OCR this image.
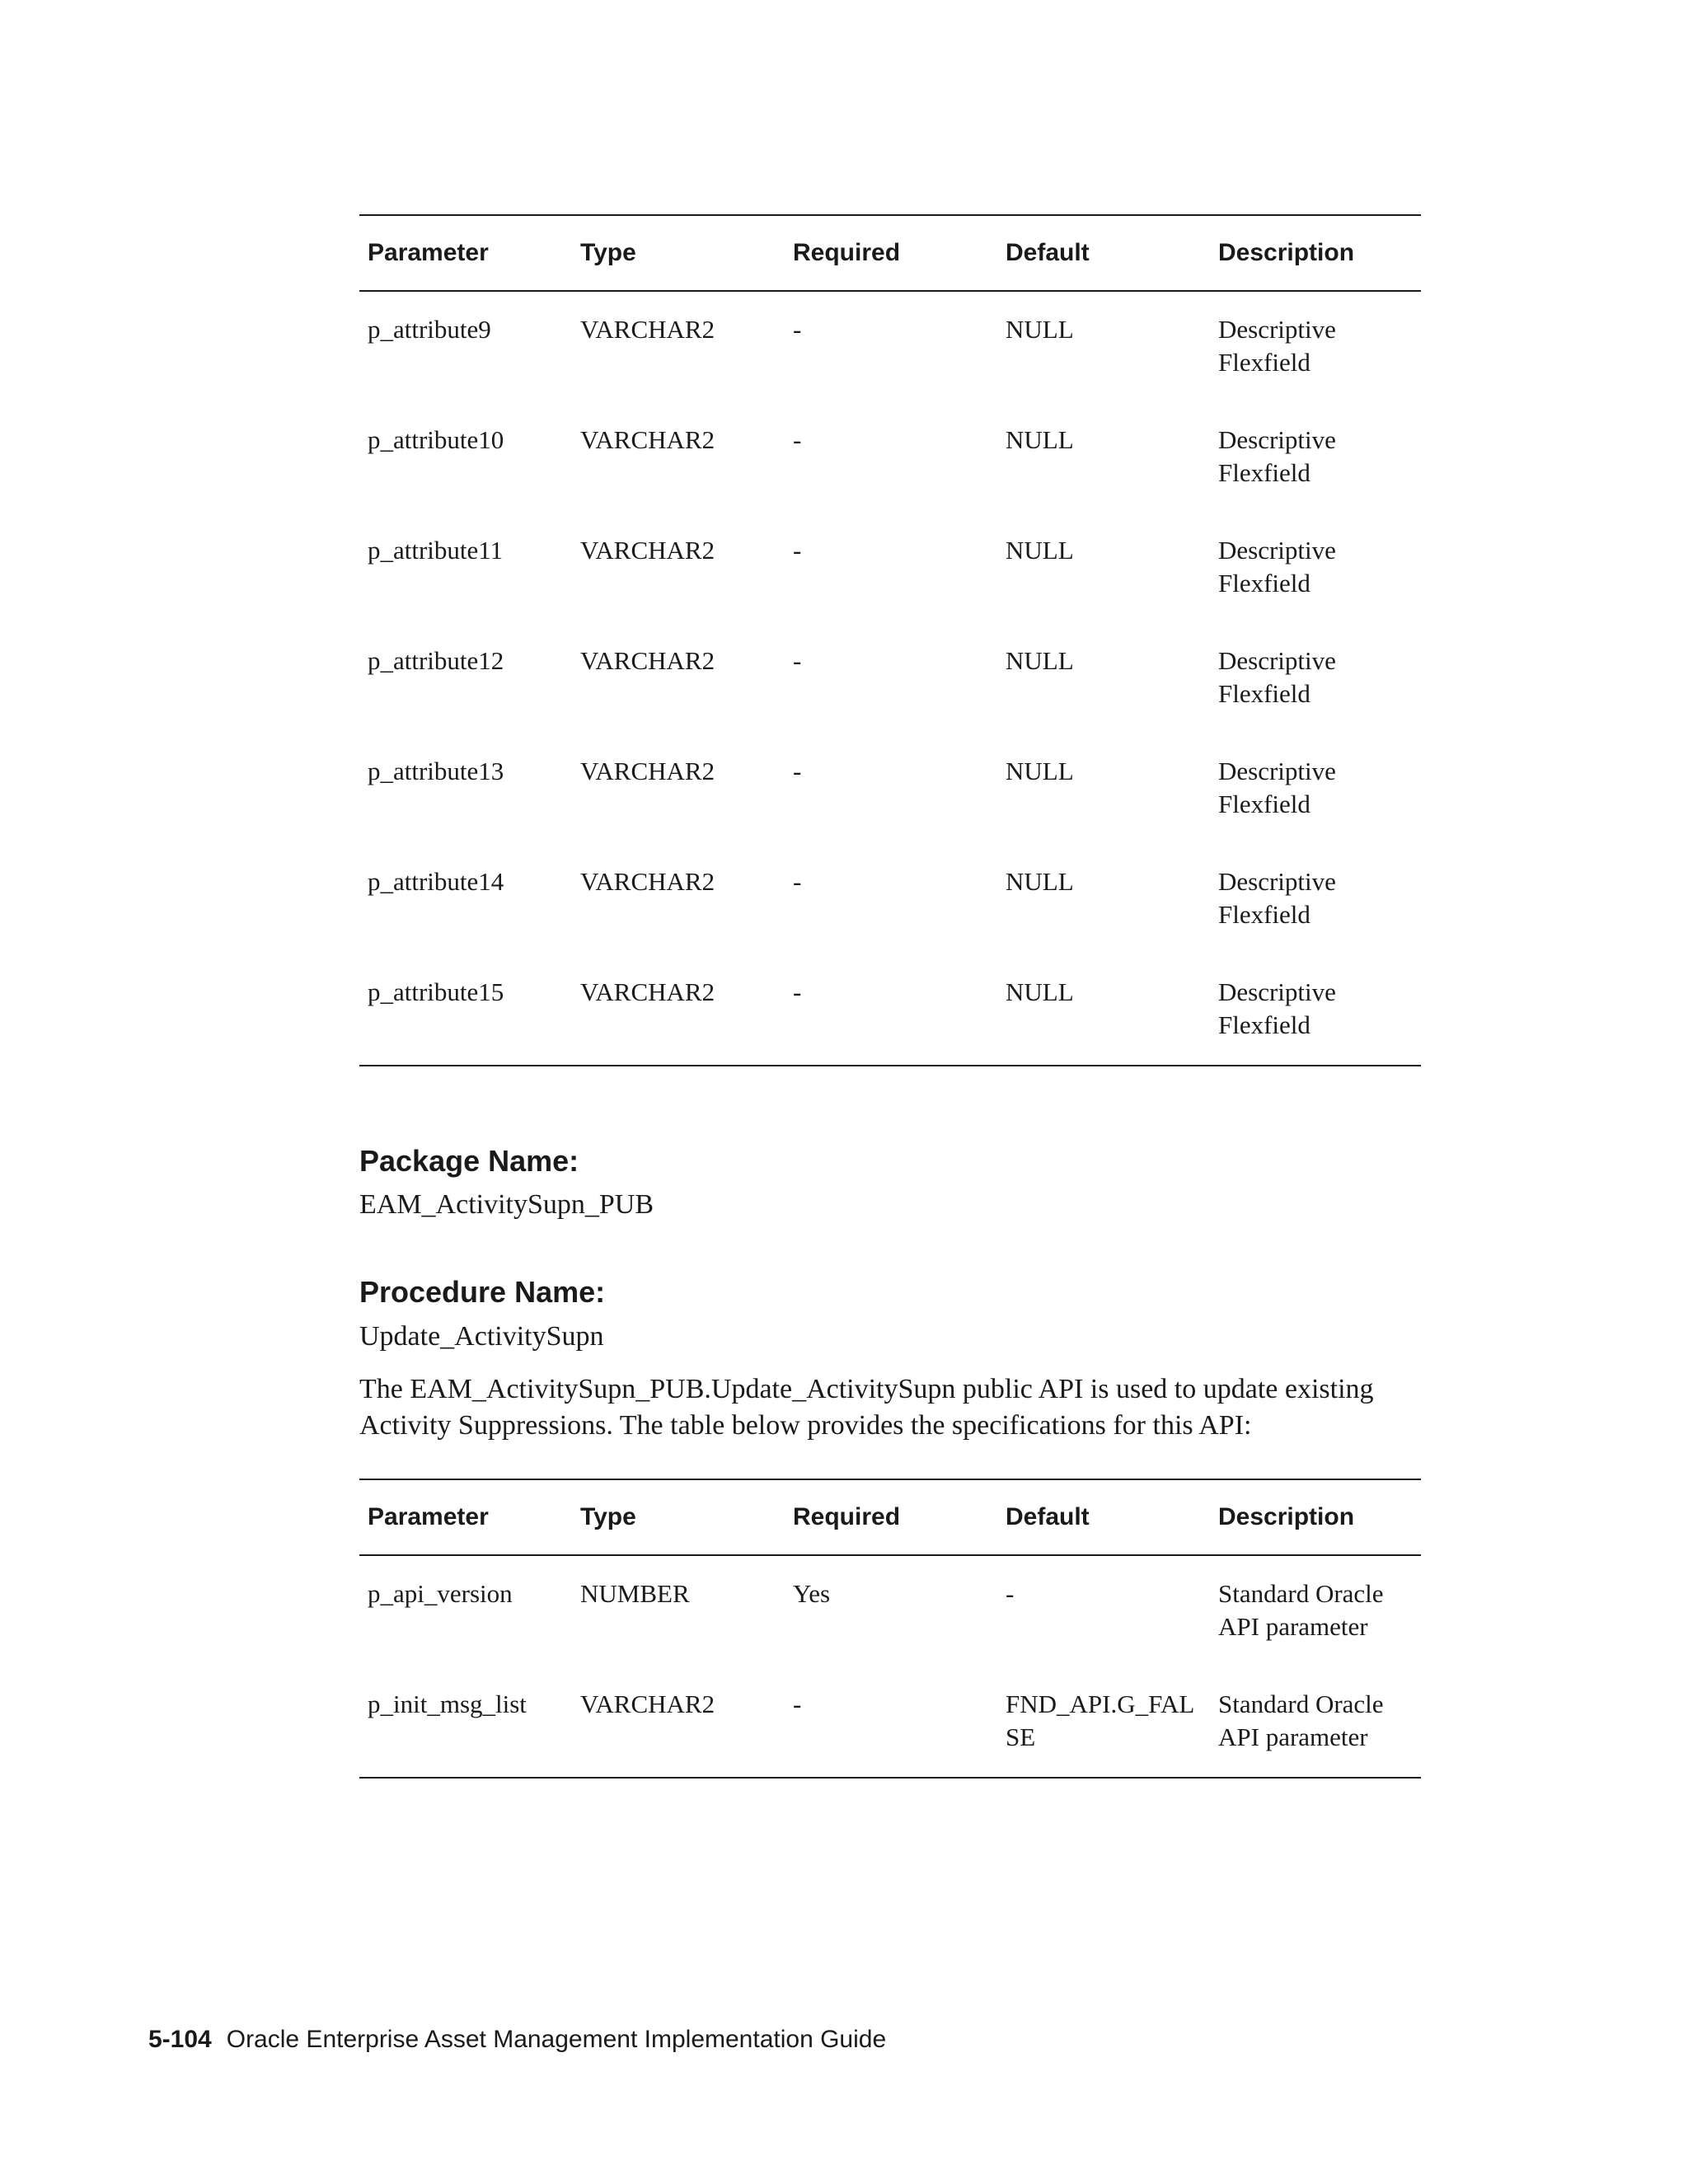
Parameter	Type	Required	Default	Description
p_attribute9	VARCHAR2	-	NULL	Descriptive Flexfield
p_attribute10	VARCHAR2	-	NULL	Descriptive Flexfield
p_attribute11	VARCHAR2	-	NULL	Descriptive Flexfield
p_attribute12	VARCHAR2	-	NULL	Descriptive Flexfield
p_attribute13	VARCHAR2	-	NULL	Descriptive Flexfield
p_attribute14	VARCHAR2	-	NULL	Descriptive Flexfield
p_attribute15	VARCHAR2	-	NULL	Descriptive Flexfield
Package Name:

EAM_ActivitySupn_PUB

Procedure Name:

Update_ActivitySupn

The EAM_ActivitySupn_PUB.Update_ActivitySupn public API is used to update existing Activity Suppressions. The table below provides the specifications for this API:

Parameter	Type	Required	Default	Description
p_api_version	NUMBER	Yes	-	Standard Oracle API parameter
p_init_msg_list	VARCHAR2	-	FND_API.G_FALSE	Standard Oracle API parameter
5-104 Oracle Enterprise Asset Management Implementation Guide
